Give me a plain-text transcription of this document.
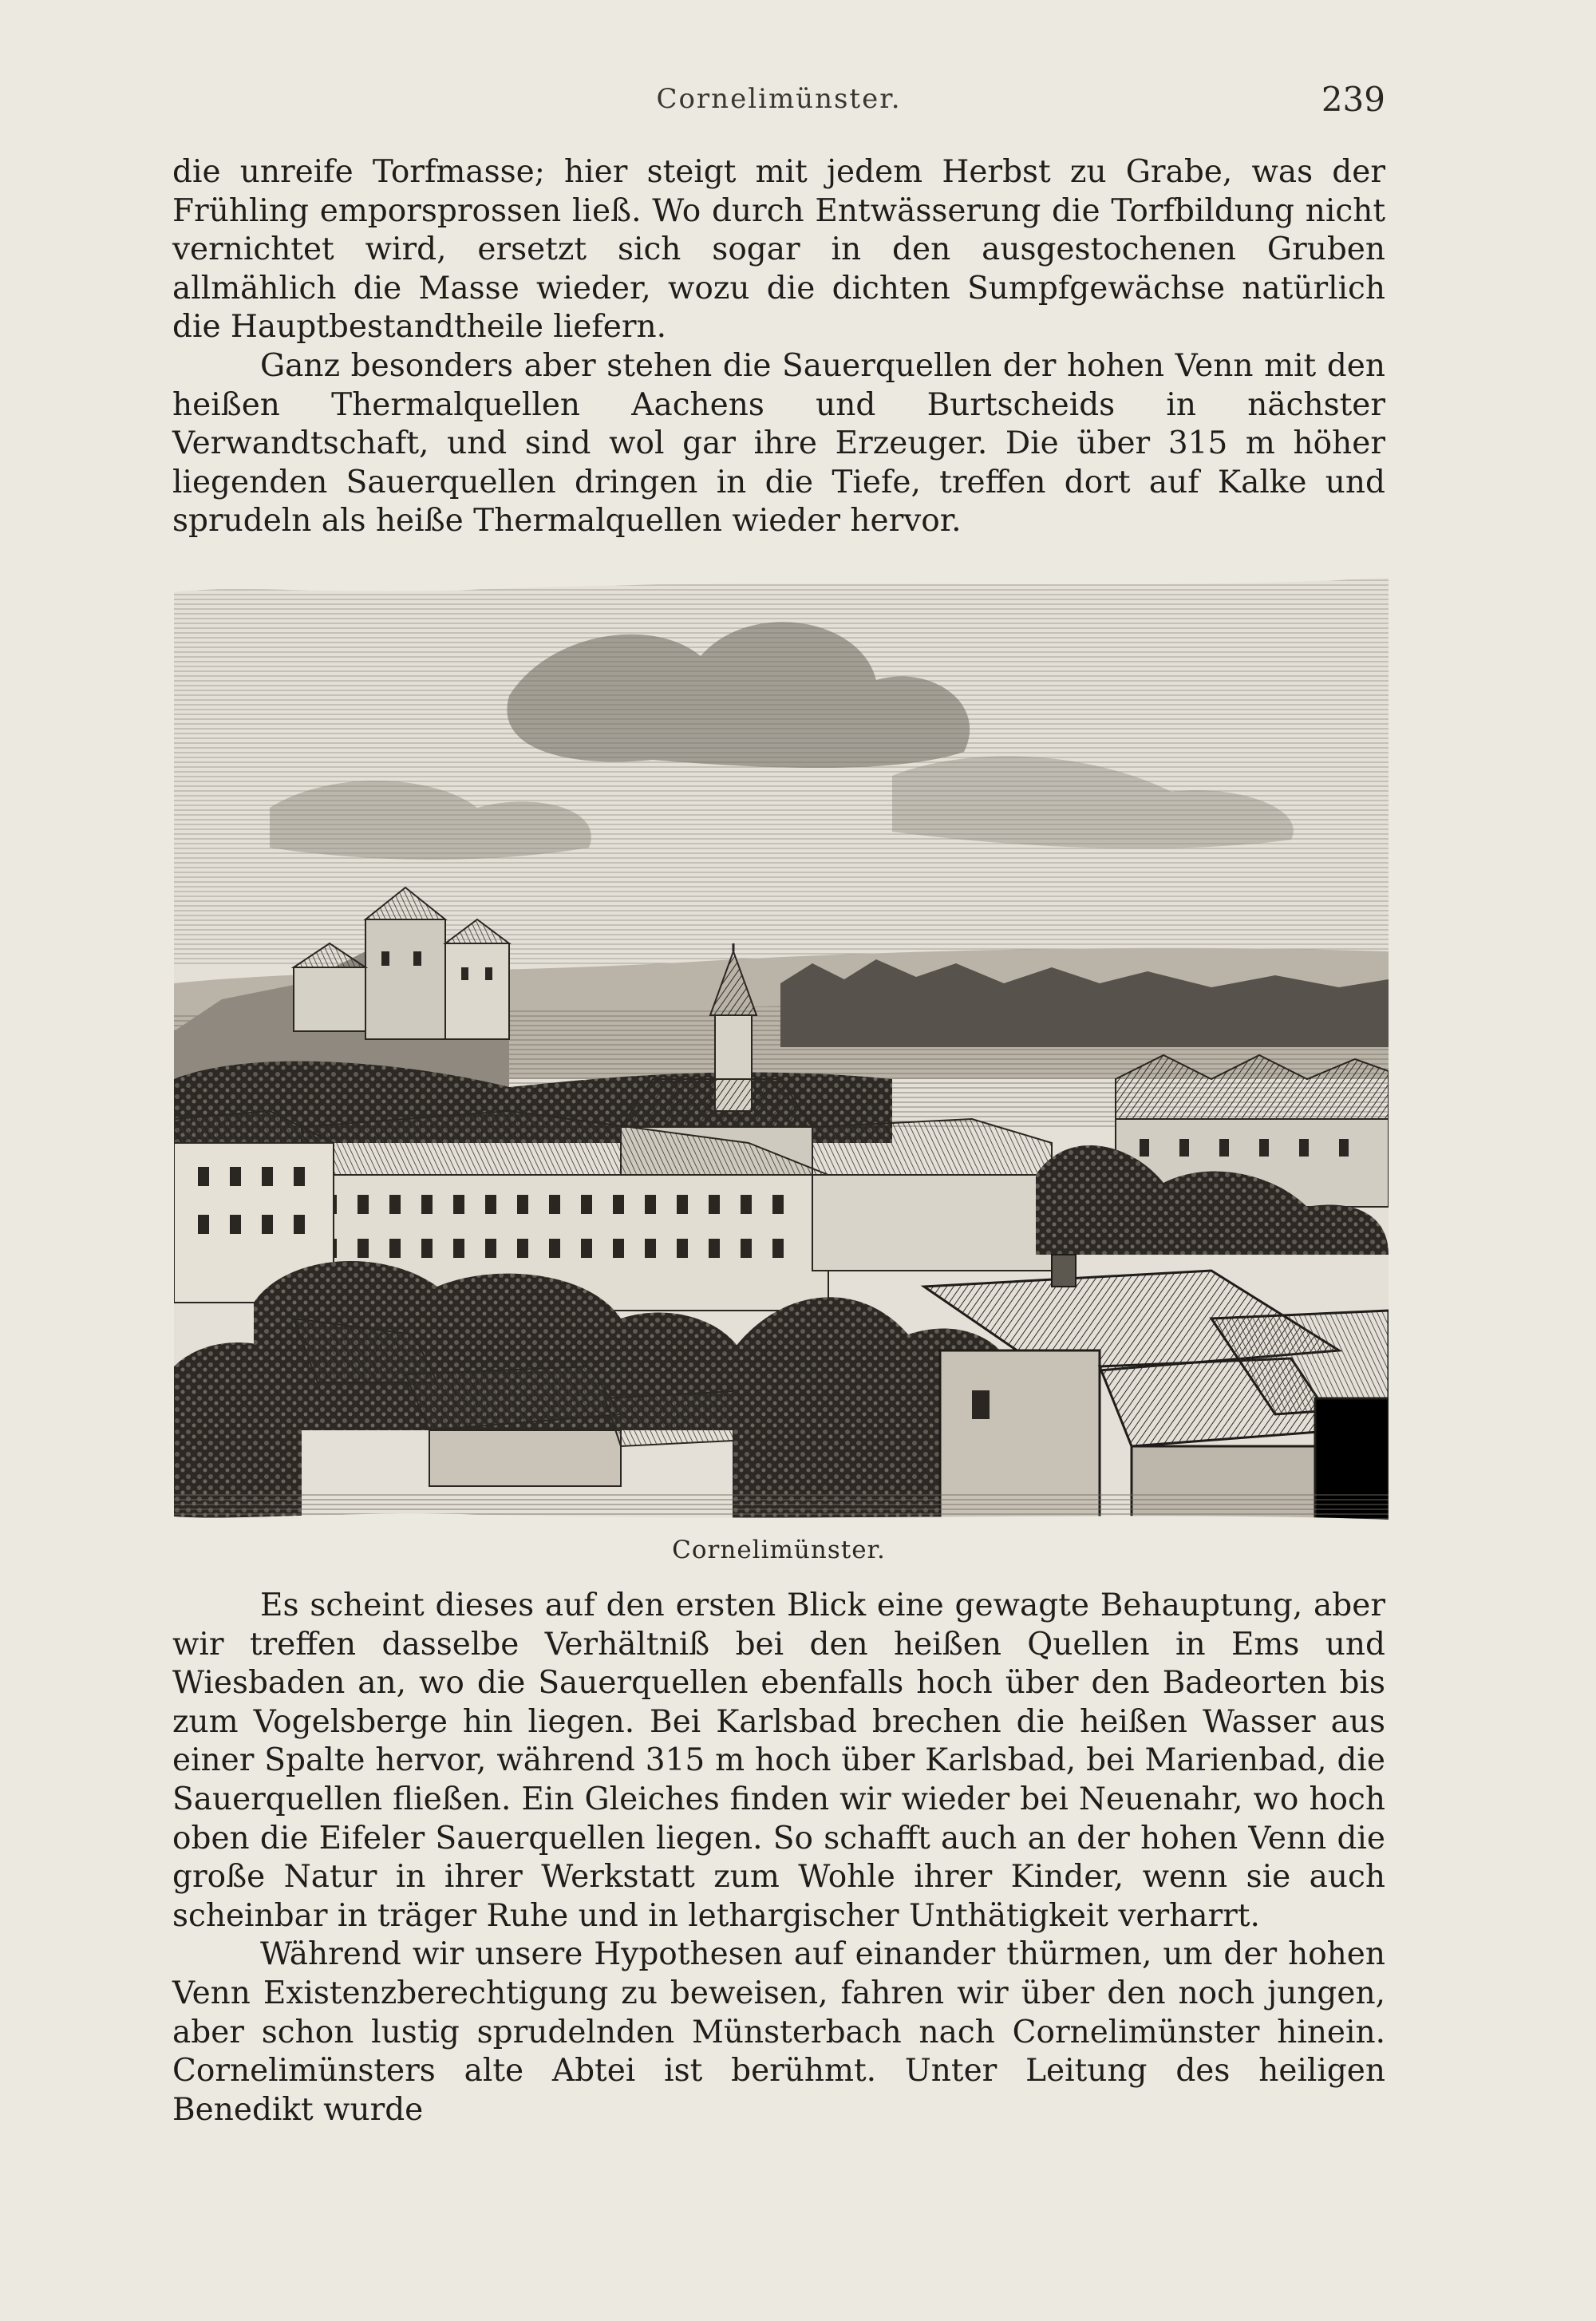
Cornelimünster.	239

die unreife Torfmasse; hier steigt mit jedem Herbst zu Grabe, was der Frühling emporsprossen ließ. Wo durch Entwässerung die Torfbildung nicht vernichtet wird, ersetzt sich sogar in den ausgestochenen Gruben allmählich die Masse wieder, wozu die dichten Sumpfgewächse natürlich die Hauptbestandtheile liefern.

Ganz besonders aber stehen die Sauerquellen der hohen Venn mit den heißen Thermalquellen Aachens und Burtscheids in nächster Verwandtschaft, und sind wol gar ihre Erzeuger. Die über 315 m höher liegenden Sauerquellen dringen in die Tiefe, treffen dort auf Kalke und sprudeln als heiße Thermalquellen wieder hervor.

Cornelimünster.

Es scheint dieses auf den ersten Blick eine gewagte Behauptung, aber wir treffen dasselbe Verhältniß bei den heißen Quellen in Ems und Wiesbaden an, wo die Sauerquellen ebenfalls hoch über den Badeorten bis zum Vogelsberge hin liegen. Bei Karlsbad brechen die heißen Wasser aus einer Spalte hervor, während 315 m hoch über Karlsbad, bei Marienbad, die Sauerquellen fließen. Ein Gleiches finden wir wieder bei Neuenahr, wo hoch oben die Eifeler Sauerquellen liegen. So schafft auch an der hohen Venn die große Natur in ihrer Werkstatt zum Wohle ihrer Kinder, wenn sie auch scheinbar in träger Ruhe und in lethargischer Unthätigkeit verharrt.

Während wir unsere Hypothesen auf einander thürmen, um der hohen Venn Existenzberechtigung zu beweisen, fahren wir über den noch jungen, aber schon lustig sprudelnden Münsterbach nach Cornelimünster hinein. Cornelimünsters alte Abtei ist berühmt. Unter Leitung des heiligen Benedikt wurde
